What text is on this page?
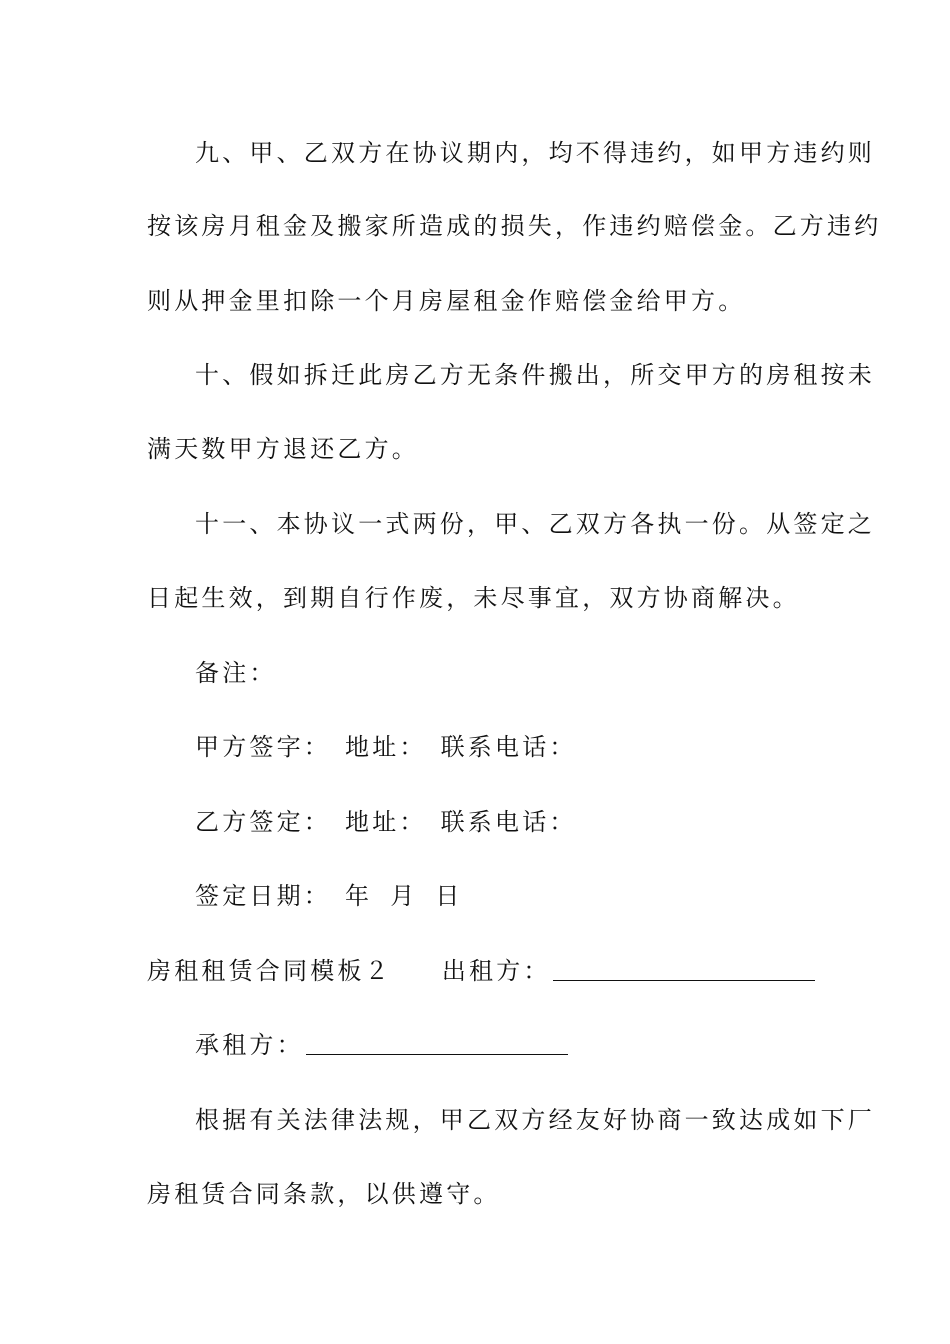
九、甲、乙双方在协议期内，均不得违约，如甲方违约则
按该房月租金及搬家所造成的损失，作违约赔偿金。乙方违约
则从押金里扣除一个月房屋租金作赔偿金给甲方。
十、假如拆迁此房乙方无条件搬出，所交甲方的房租按未
满天数甲方退还乙方。
十一、本协议一式两份，甲、乙双方各执一份。从签定之
日起生效，到期自行作废，未尽事宜，双方协商解决。
备注：
甲方签字： 地址： 联系电话：
乙方签定： 地址： 联系电话：
签定日期： 年 月 日
房租租赁合同模板２ 出租方：
承租方：
根据有关法律法规，甲乙双方经友好协商一致达成如下厂
房租赁合同条款，以供遵守。
